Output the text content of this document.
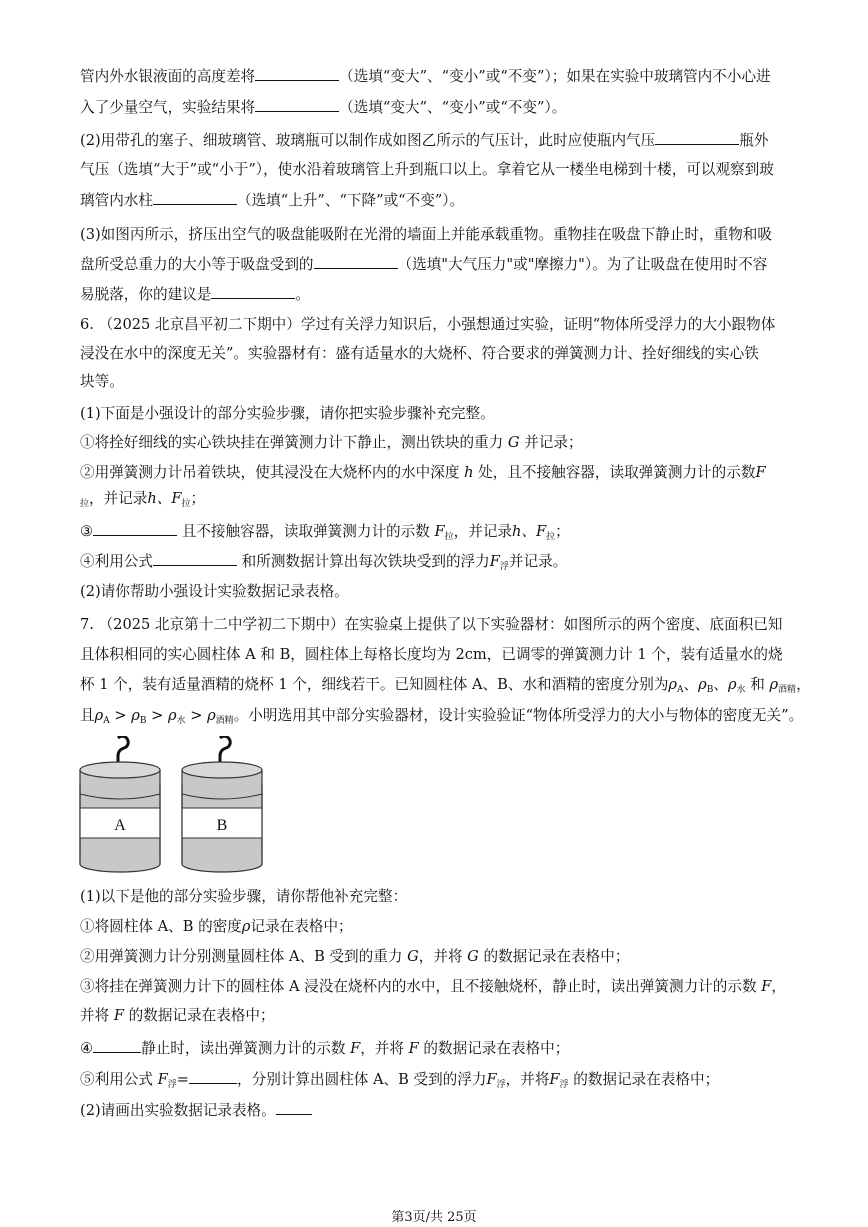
管内外水银液面的高度差将	（选填“变大”、“变小”或“不变”）；如果在实验中玻璃管内不小心进
入了少量空气，实验结果将	（选填“变大”、“变小”或“不变”）。
(2)用带孔的塞子、细玻璃管、玻璃瓶可以制作成如图乙所示的气压计，此时应使瓶内气压	瓶外
气压（选填“大于”或“小于”），使水沿着玻璃管上升到瓶口以上。拿着它从一楼坐电梯到十楼，可以观察到玻
璃管内水柱	（选填“上升”、“下降”或“不变”）。
(3)如图丙所示，挤压出空气的吸盘能吸附在光滑的墙面上并能承载重物。重物挂在吸盘下静止时，重物和吸
盘所受总重力的大小等于吸盘受到的	（选填"大气压力"或"摩擦力"）。为了让吸盘在使用时不容
易脱落，你的建议是	。
6. （2025 北京昌平初二下期中）学过有关浮力知识后，小强想通过实验，证明“物体所受浮力的大小跟物体
浸没在水中的深度无关”。实验器材有：盛有适量水的大烧杯、符合要求的弹簧测力计、拴好细线的实心铁
块等。
(1)下面是小强设计的部分实验步骤，请你把实验步骤补充完整。
①将拴好细线的实心铁块挂在弹簧测力计下静止，测出铁块的重力 G 并记录；
②用弹簧测力计吊着铁块，使其浸没在大烧杯内的水中深度 h 处，且不接触容器，读取弹簧测力计的示数F
$_拉$，并记录h、$F_拉$；
③	且不接触容器，读取弹簧测力计的示数 $F_拉$，并记录h、$F_拉$；
④利用公式	和所测数据计算出每次铁块受到的浮力$F_浮$并记录。
(2)请你帮助小强设计实验数据记录表格。
7. （2025 北京第十二中学初二下期中）在实验桌上提供了以下实验器材：如图所示的两个密度、底面积已知
且体积相同的实心圆柱体 A 和 B，圆柱体上每格长度均为 2cm，已调零的弹簧测力计 1 个，装有适量水的烧
杯 1 个，装有适量酒精的烧杯 1 个，细线若干。已知圆柱体 A、B、水和酒精的密度分别为$\rho_A$、$\rho_B$、$\rho_水$ 和 $\rho_{酒精}$，
且$\rho_A > \rho_B > \rho_水 > \rho_{酒精}$。小明选用其中部分实验器材，设计实验验证“物体所受浮力的大小与物体的密度无关”。
A	B
(1)以下是他的部分实验步骤，请你帮他补充完整：
①将圆柱体 A、B 的密度ρ记录在表格中；
②用弹簧测力计分别测量圆柱体 A、B 受到的重力 G，并将 G 的数据记录在表格中；
③将挂在弹簧测力计下的圆柱体 A 浸没在烧杯内的水中，且不接触烧杯，静止时，读出弹簧测力计的示数 F，
并将 F 的数据记录在表格中；
④	静止时，读出弹簧测力计的示数 F，并将 F 的数据记录在表格中；
⑤利用公式 $F_浮=$	，分别计算出圆柱体 A、B 受到的浮力$F_浮$，并将$F_浮$ 的数据记录在表格中；
(2)请画出实验数据记录表格。
第3页/共 25页
